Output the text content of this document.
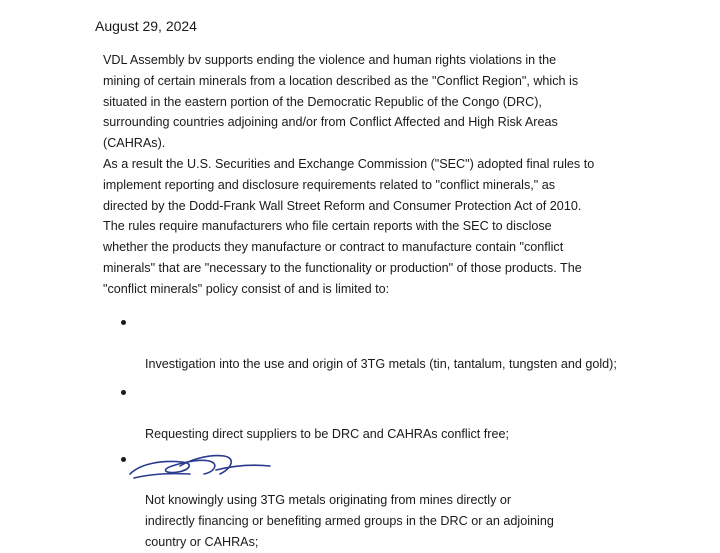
August 29, 2024

VDL Assembly bv supports ending the violence and human rights violations in the
mining of certain minerals from a location described as the "Conflict Region", which is
situated in the eastern portion of the Democratic Republic of the Congo (DRC),
surrounding countries adjoining and/or from Conflict Affected and High Risk Areas
(CAHRAs).

As a result the U.S. Securities and Exchange Commission ("SEC") adopted final rules to
implement reporting and disclosure requirements related to "conflict minerals," as
directed by the Dodd-Frank Wall Street Reform and Consumer Protection Act of 2010.
The rules require manufacturers who file certain reports with the SEC to disclose
whether the products they manufacture or contract to manufacture contain "conflict
minerals" that are "necessary to the functionality or production" of those products. The
"conflict minerals" policy consist of and is limited to:

Investigation into the use and origin of 3TG metals (tin, tantalum, tungsten and gold);

Requesting direct suppliers to be DRC and CAHRAs conflict free;

Not knowingly using 3TG metals originating from mines directly or
indirectly financing or benefiting armed groups in the DRC or an adjoining
country or CAHRAs;
